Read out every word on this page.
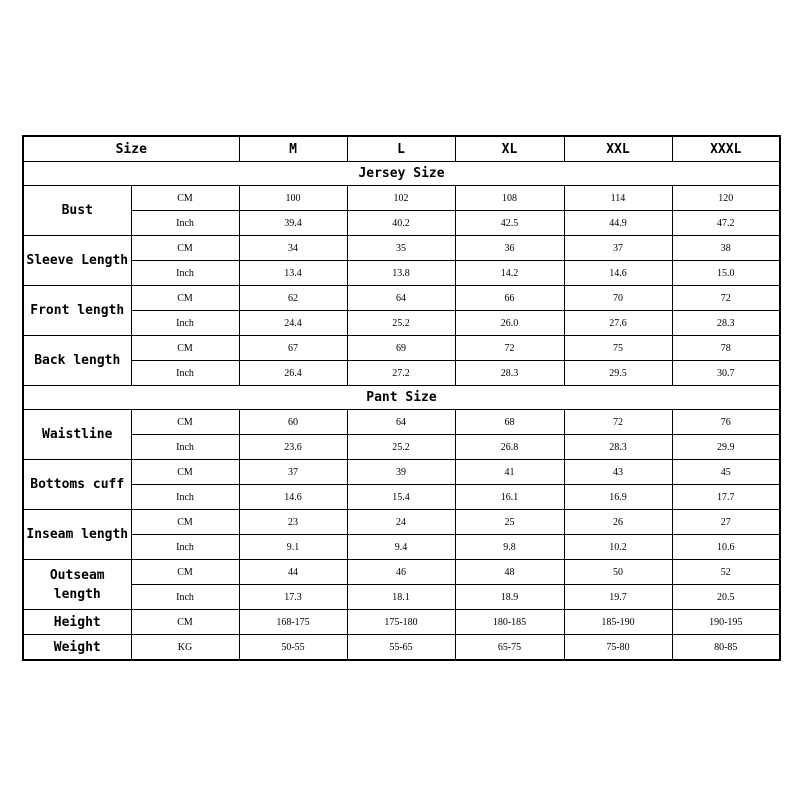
Size		M	L	XL	XXL	XXXL
Jersey Size						
Bust	CM	100	102	108	114	120
	Inch	39.4	40.2	42.5	44.9	47.2
Sleeve Length	CM	34	35	36	37	38
	Inch	13.4	13.8	14.2	14.6	15.0
Front length	CM	62	64	66	70	72
	Inch	24.4	25.2	26.0	27.6	28.3
Back length	CM	67	69	72	75	78
	Inch	26.4	27.2	28.3	29.5	30.7
Pant Size						
Waistline	CM	60	64	68	72	76
	Inch	23.6	25.2	26.8	28.3	29.9
Bottoms cuff	CM	37	39	41	43	45
	Inch	14.6	15.4	16.1	16.9	17.7
Inseam length	CM	23	24	25	26	27
	Inch	9.1	9.4	9.8	10.2	10.6
Outseam length	CM	44	46	48	50	52
	Inch	17.3	18.1	18.9	19.7	20.5
Height	CM	168-175	175-180	180-185	185-190	190-195
Weight	KG	50-55	55-65	65-75	75-80	80-85
